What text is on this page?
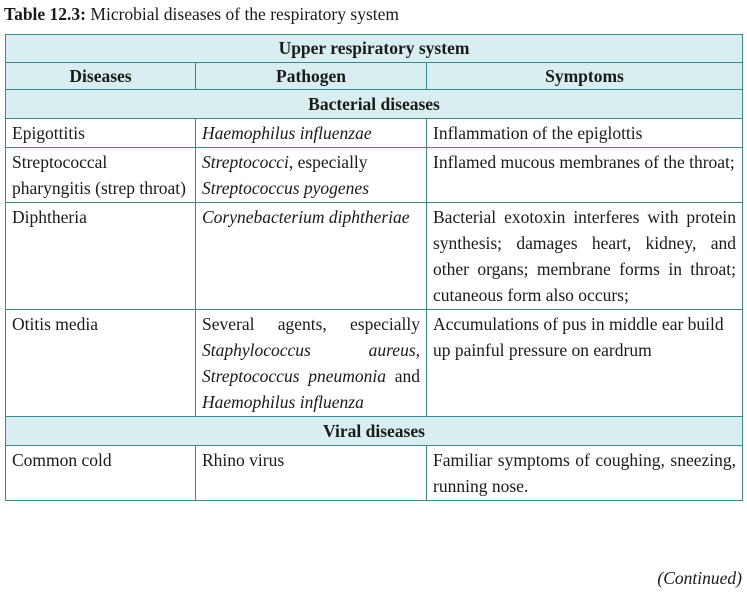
Table 12.3: Microbial diseases of the respiratory system
Upper respiratory system		
Diseases	Pathogen	Symptoms
Bacterial diseases		
Epigottitis	Haemophilus influenzae	Inflammation of the epiglottis
Streptococcal pharyngitis (strep throat)	Streptococci, especially Streptococcus pyogenes	Inflamed mucous membranes of the throat;
Diphtheria	Corynebacterium diphtheriae	Bacterial exotoxin interferes with protein synthesis; damages heart, kidney, and other organs; membrane forms in throat; cutaneous form also occurs;
Otitis media	Several agents, especially Staphylococcus aureus, Streptococcus pneumonia and Haemophilus influenza	Accumulations of pus in middle ear build up painful pressure on eardrum
Viral diseases		
Common cold	Rhino virus	Familiar symptoms of coughing, sneezing, running nose.
(Continued)
